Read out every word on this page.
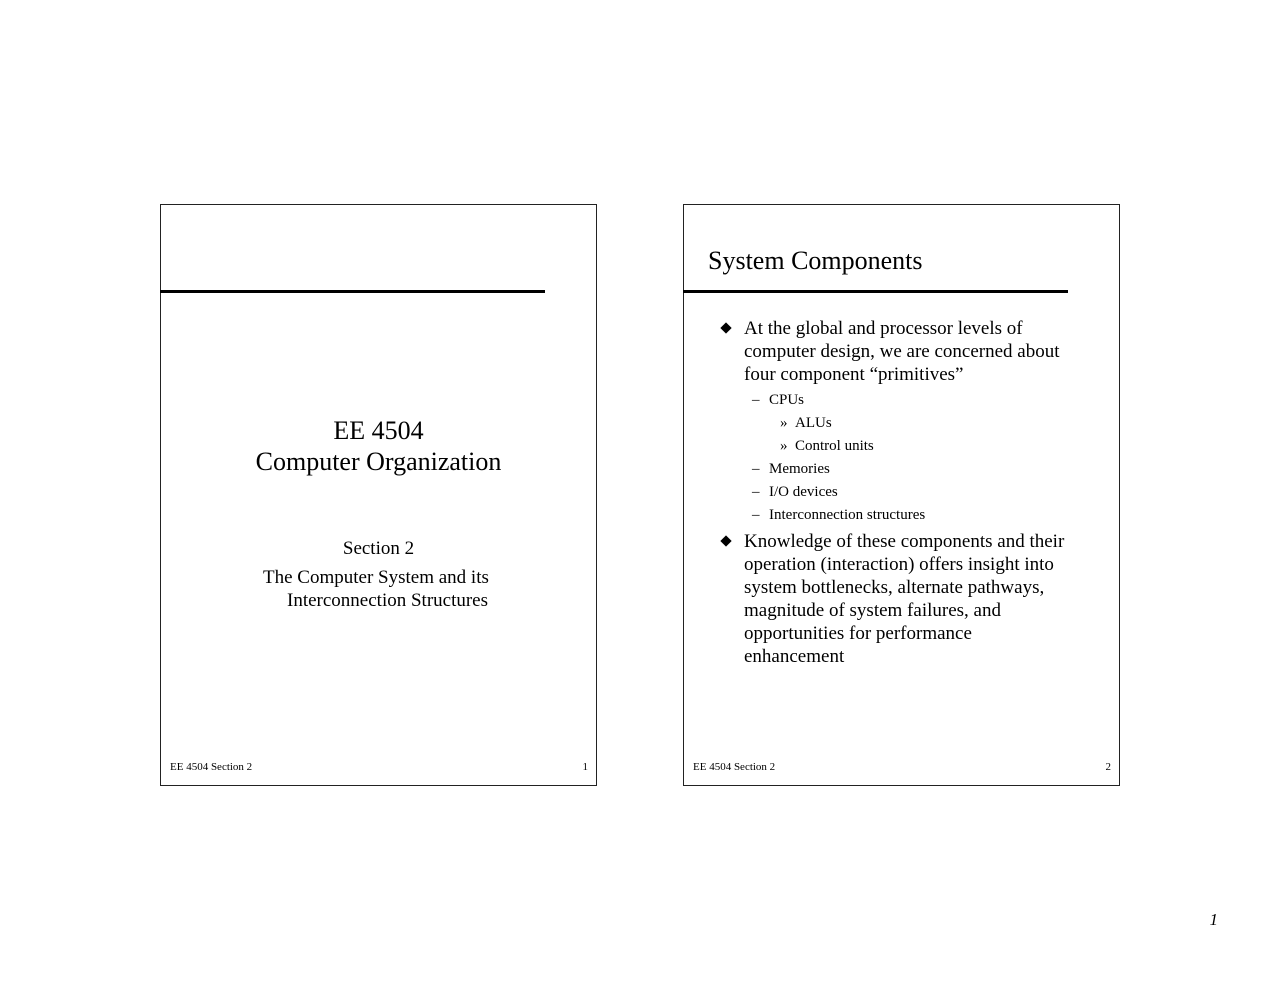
EE 4504
Computer Organization
Section 2
The Computer System and its
Interconnection Structures
EE 4504 Section 2	1
System Components
At the global and processor levels of
computer design, we are concerned about
four component “primitives”
– CPUs
» ALUs
» Control units
– Memories
– I/O devices
– Interconnection structures
Knowledge of these components and their
operation (interaction) offers insight into
system bottlenecks, alternate pathways,
magnitude of system failures, and
opportunities for performance
enhancement
EE 4504 Section 2	2
1
